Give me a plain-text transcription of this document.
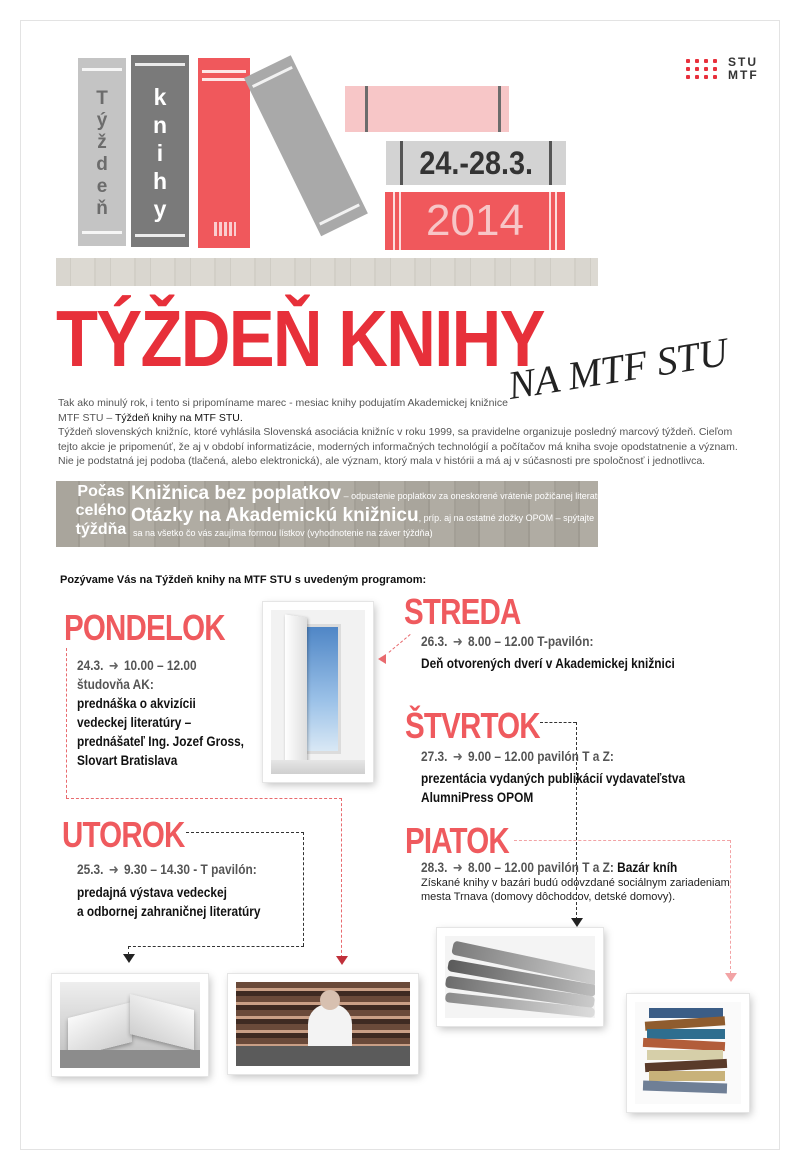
STU
MTF
T
ý
ž
d
e
ň
k
n
i
h
y
24.-28.3.
2014
TÝŽDEŇ KNIHY
NA MTF STU
Tak ako minulý rok, i tento si pripomíname marec - mesiac knihy podujatím Akademickej knižnice
MTF STU – Týždeň knihy na MTF STU.
Týždeň slovenských knižníc, ktoré vyhlásila Slovenská asociácia knižníc v roku 1999, sa pravidelne organizuje posledný marcový týždeň. Cieľom tejto akcie je pripomenúť, že aj v období informatizácie, moderných informačných technológií a počítačov má kniha svoje opodstatnenie a význam. Nie je podstatná jej podoba (tlačená, alebo elektronická), ale význam, ktorý mala v histórii a má aj v súčasnosti pre spoločnosť i jednotlivca.
Počas
celého
týždňa
Knižnica bez poplatkov – odpustenie poplatkov za oneskorené vrátenie požičanej literatúry
Otázky na Akademickú knižnicu, príp. aj na ostatné zložky OPOM – spýtajte
sa na všetko čo vás zaujíma formou lístkov (vyhodnotenie na záver týždňa)
Pozývame Vás na Týždeň knihy na MTF STU s uvedeným programom:
PONDELOK
24.3. ➜ 10.00 – 12.00
študovňa AK:
prednáška o akvizícii
vedeckej literatúry –
prednášateľ Ing. Jozef Gross,
Slovart Bratislava
UTOROK
25.3. ➜ 9.30 – 14.30 - T pavilón:
predajná výstava vedeckej
a odbornej zahraničnej literatúry
STREDA
26.3. ➜ 8.00 – 12.00 T-pavilón:
Deň otvorených dverí v Akademickej knižnici
ŠTVRTOK
27.3. ➜ 9.00 – 12.00 pavilón T a Z:
prezentácia vydaných publikácií vydavateľstva
AlumniPress OPOM
PIATOK
28.3. ➜ 8.00 – 12.00 pavilón T a Z: Bazár kníh
Získané knihy v bazári budú odovzdané sociálnym zariadeniam
mesta Trnava (domovy dôchodcov, detské domovy).
